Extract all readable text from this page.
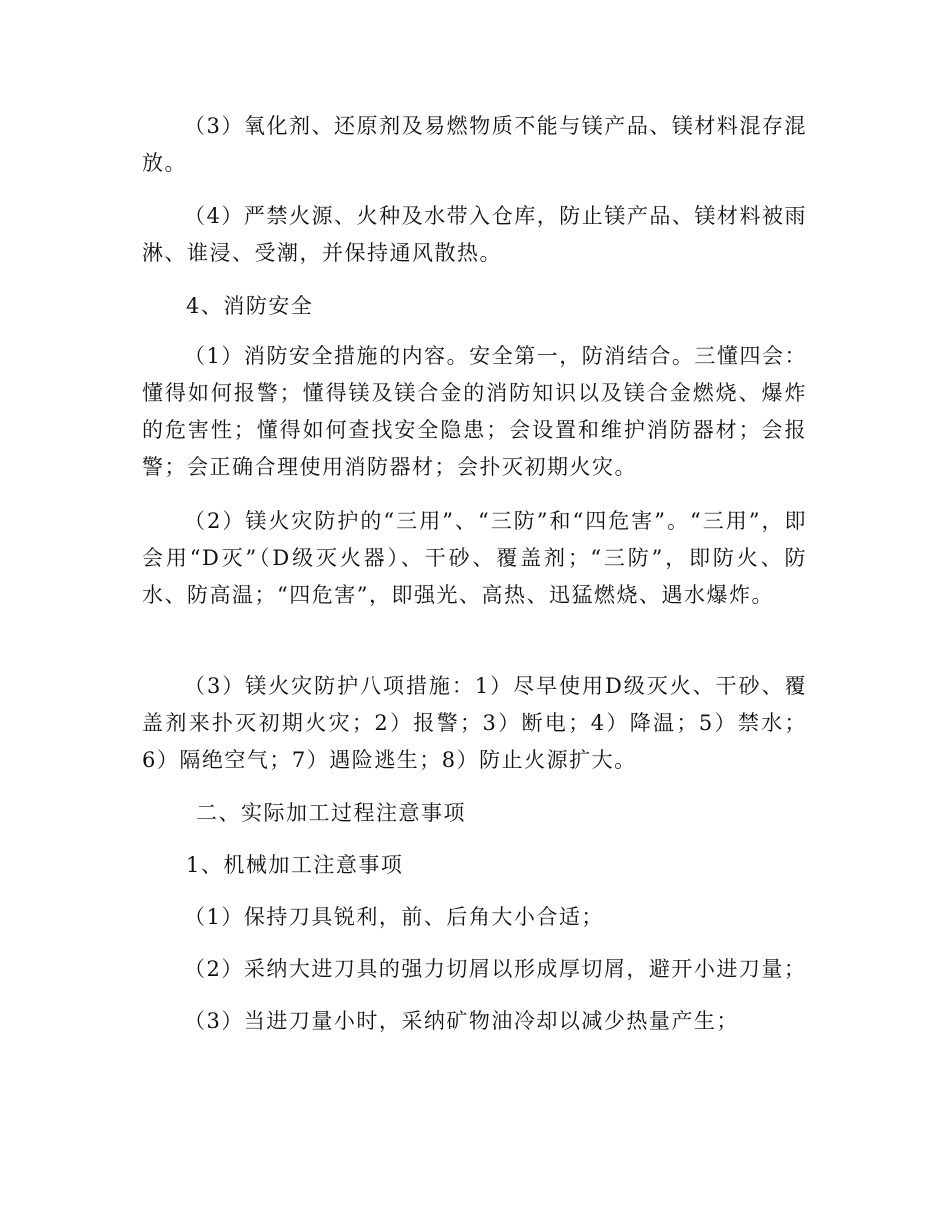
（3）氧化剂、还原剂及易燃物质不能与镁产品、镁材料混存混放。

（4）严禁火源、火种及水带入仓库，防止镁产品、镁材料被雨淋、谁浸、受潮，并保持通风散热。

4、消防安全

（1）消防安全措施的内容。安全第一，防消结合。三懂四会：懂得如何报警；懂得镁及镁合金的消防知识以及镁合金燃烧、爆炸的危害性；懂得如何查找安全隐患；会设置和维护消防器材；会报警；会正确合理使用消防器材；会扑灭初期火灾。

（2）镁火灾防护的“三用”、“三防”和“四危害”。“三用”，即会用“D灭”（D级灭火器）、干砂、覆盖剂；“三防”，即防火、防水、防高温；“四危害”，即强光、高热、迅猛燃烧、遇水爆炸。

（3）镁火灾防护八项措施：1）尽早使用D级灭火、干砂、覆盖剂来扑灭初期火灾；2）报警；3）断电；4）降温；5）禁水；6）隔绝空气；7）遇险逃生；8）防止火源扩大。

二、实际加工过程注意事项

1、机械加工注意事项

（1）保持刀具锐利，前、后角大小合适；

（2）采纳大进刀具的强力切屑以形成厚切屑，避开小进刀量；

（3）当进刀量小时，采纳矿物油冷却以减少热量产生；
